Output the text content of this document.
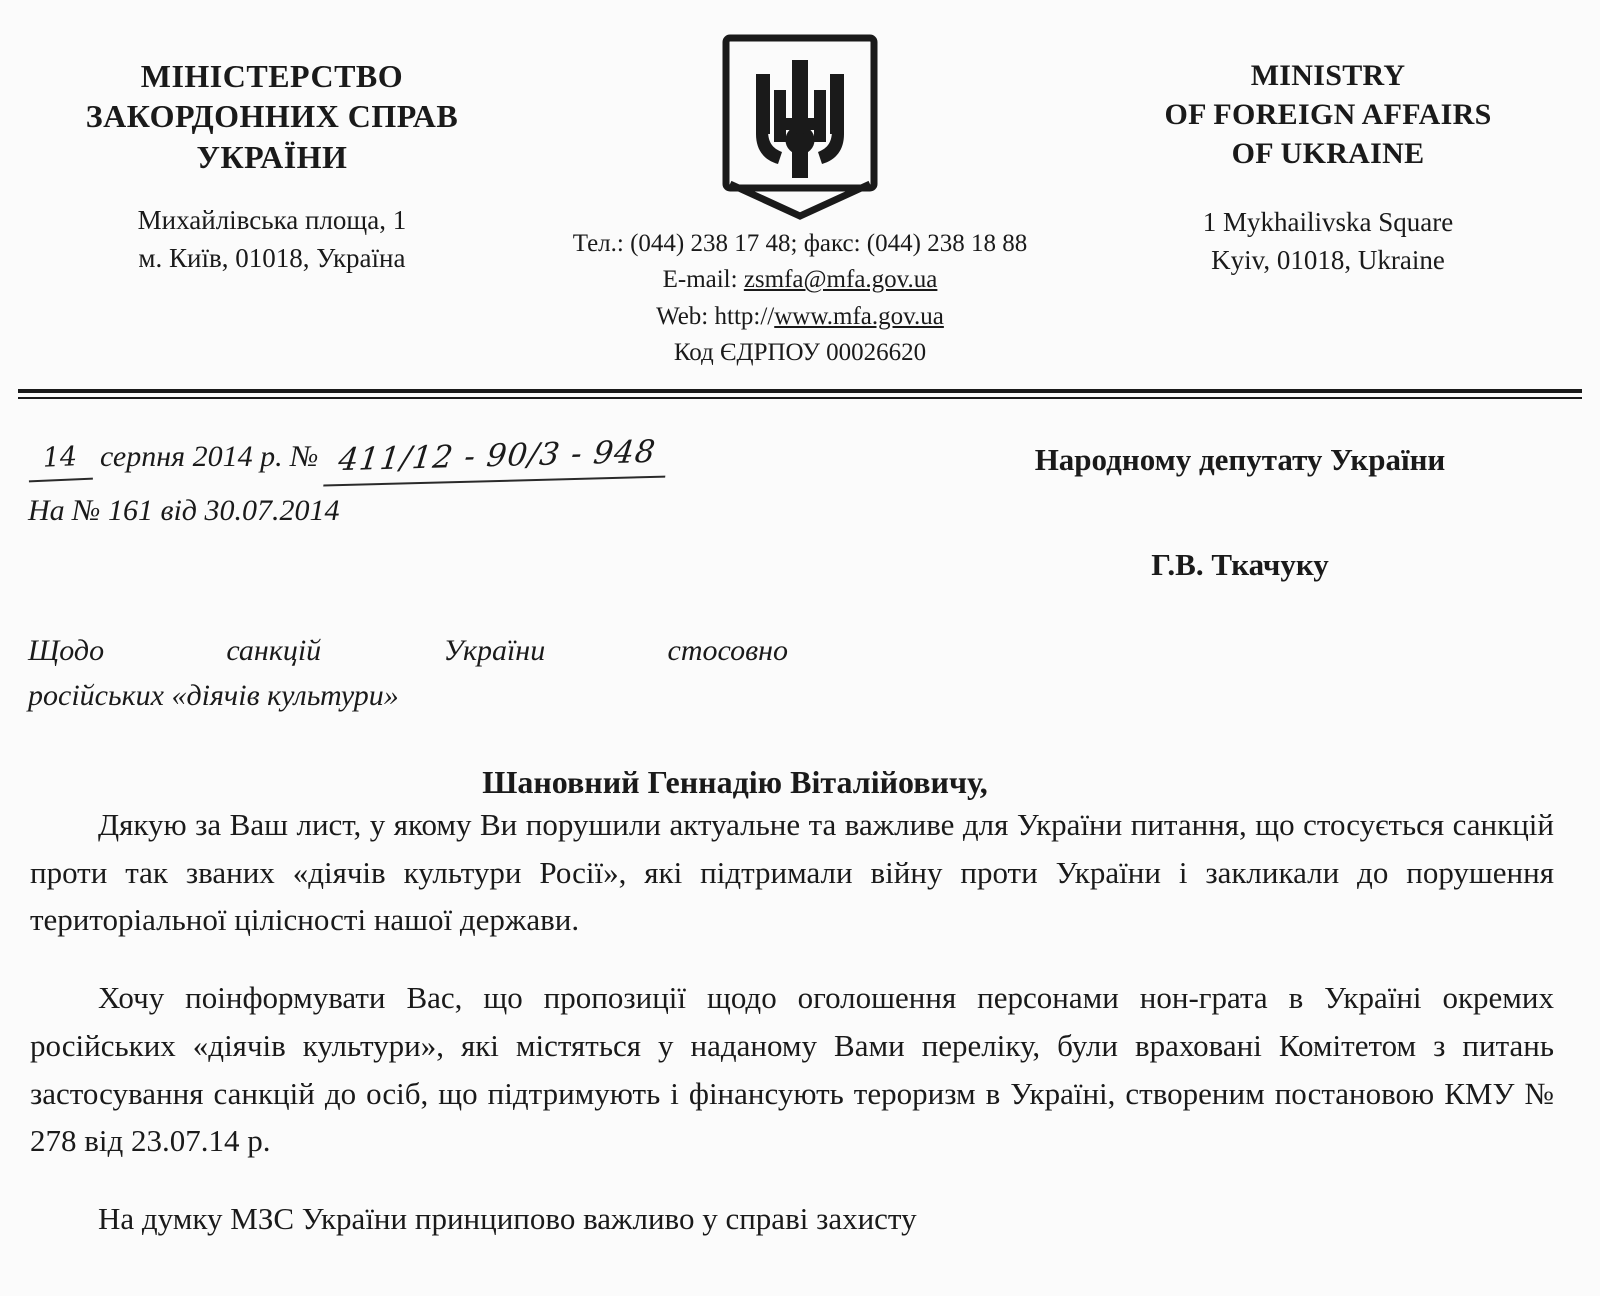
МІНІСТЕРСТВО
ЗАКОРДОННИХ СПРАВ
УКРАЇНИ
Михайлівська площа, 1
м. Київ, 01018, Україна	Тел.: (044) 238 17 48; факс: (044) 238 18 88
E-mail: zsmfa@mfa.gov.ua
Web: http://www.mfa.gov.ua
Код ЄДРПОУ 00026620
MINISTRY
OF FOREIGN AFFAIRS
OF UKRAINE
1 Mykhailivska Square
Kyiv, 01018, Ukraine
14 серпня 2014 р. № 411/12 - 90/3 - 948
На № 161 від 30.07.2014
Народному депутату України
Г.В. Ткачуку
Щодо	санкцій	України	стосовно
російських «діячів культури»
Шановний Геннадію Віталійовичу,

Дякую за Ваш лист, у якому Ви порушили актуальне та важливе для України питання, що стосується санкцій проти так званих «діячів культури Росії», які підтримали війну проти України і закликали до порушення територіальної цілісності нашої держави.

Хочу поінформувати Вас, що пропозиції щодо оголошення персонами нон-грата в Україні окремих російських «діячів культури», які містяться у наданому Вами переліку, були враховані Комітетом з питань застосування санкцій до осіб, що підтримують і фінансують тероризм в Україні, створеним постановою КМУ № 278 від 23.07.14 р.

На думку МЗС України принципово важливо у справі захисту
